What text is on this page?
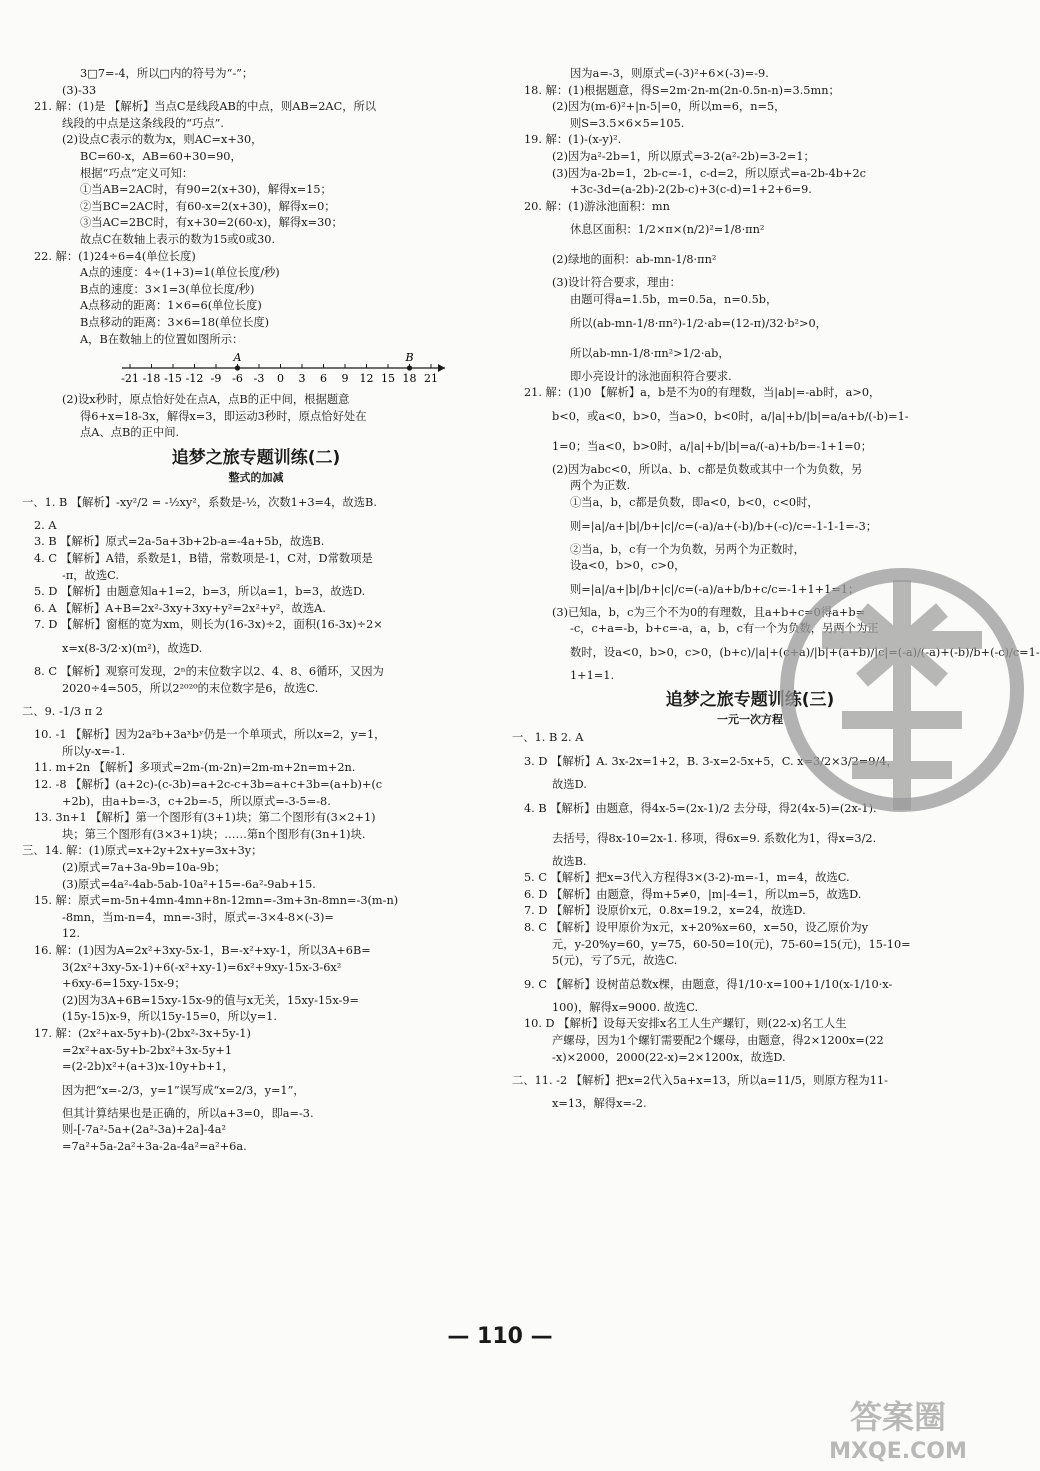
3□7=-4，所以□内的符号为“-”；
(3)-33
21. 解：(1)是 【解析】当点C是线段AB的中点，则AB=2AC，所以
线段的中点是这条线段的“巧点”.
(2)设点C表示的数为x，则AC=x+30，
BC=60-x，AB=60+30=90，
根据“巧点”定义可知：
①当AB=2AC时，有90=2(x+30)，解得x=15；
②当BC=2AC时，有60-x=2(x+30)，解得x=0；
③当AC=2BC时，有x+30=2(60-x)，解得x=30；
故点C在数轴上表示的数为15或0或30.
22. 解：(1)24÷6=4(单位长度)
A点的速度：4÷(1+3)=1(单位长度/秒)
B点的速度：3×1=3(单位长度/秒)
A点移动的距离：1×6=6(单位长度)
B点移动的距离：3×6=18(单位长度)
A，B在数轴上的位置如图所示：
-21 -18 -15 -12 -9 -6 -3 0 3 6 9 12 15 18 21
A	B
(2)设x秒时，原点恰好处在点A，点B的正中间，根据题意
得6+x=18-3x，解得x=3，即运动3秒时，原点恰好处在
点A、点B的正中间.
追梦之旅专题训练(二)
整式的加减
一、1. B 【解析】-xy²/2 = -½xy²，系数是-½，次数1+3=4，故选B.
2. A
3. B 【解析】原式=2a-5a+3b+2b-a=-4a+5b，故选B.
4. C 【解析】A错，系数是1，B错，常数项是-1，C对，D常数项是
-π，故选C.
5. D 【解析】由题意知a+1=2，b=3，所以a=1，b=3，故选D.
6. A 【解析】A+B=2x²-3xy+3xy+y²=2x²+y²，故选A.
7. D 【解析】窗框的宽为xm，则长为(16-3x)÷2，面积(16-3x)÷2×
x=x(8-3/2·x)(m²)，故选D.
8. C 【解析】观察可发现，2ⁿ的末位数字以2、4、8、6循环，又因为
2020÷4=505，所以2²⁰²⁰的末位数字是6，故选C.
二、9. -1/3 π 2
10. -1 【解析】因为2a²b+3aˣbʸ仍是一个单项式，所以x=2，y=1，
所以y-x=-1.
11. m+2n 【解析】多项式=2m-(m-2n)=2m-m+2n=m+2n.
12. -8 【解析】(a+2c)-(c-3b)=a+2c-c+3b=a+c+3b=(a+b)+(c
+2b)，由a+b=-3，c+2b=-5，所以原式=-3-5=-8.
13. 3n+1 【解析】第一个图形有(3+1)块；第二个图形有(3×2+1)
块；第三个图形有(3×3+1)块；……第n个图形有(3n+1)块.
三、14. 解：(1)原式=x+2y+2x+y=3x+3y；
(2)原式=7a+3a-9b=10a-9b；
(3)原式=4a²-4ab-5ab-10a²+15=-6a²-9ab+15.
15. 解：原式=m-5n+4mn-4mn+8n-12mn=-3m+3n-8mn=-3(m-n)
-8mn，当m-n=4，mn=-3时，原式=-3×4-8×(-3)=
12.
16. 解：(1)因为A=2x²+3xy-5x-1，B=-x²+xy-1，所以3A+6B=
3(2x²+3xy-5x-1)+6(-x²+xy-1)=6x²+9xy-15x-3-6x²
+6xy-6=15xy-15x-9；
(2)因为3A+6B=15xy-15x-9的值与x无关，15xy-15x-9=
(15y-15)x-9，所以15y-15=0，所以y=1.
17. 解：(2x²+ax-5y+b)-(2bx²-3x+5y-1)
=2x²+ax-5y+b-2bx²+3x-5y+1
=(2-2b)x²+(a+3)x-10y+b+1，
因为把“x=-2/3，y=1”误写成“x=2/3，y=1”，
但其计算结果也是正确的，所以a+3=0，即a=-3.
则-[-7a²-5a+(2a²-3a)+2a]-4a²
=7a²+5a-2a²+3a-2a-4a²=a²+6a.
因为a=-3，则原式=(-3)²+6×(-3)=-9.
18. 解：(1)根据题意，得S=2m·2n-m(2n-0.5n-n)=3.5mn；
(2)因为(m-6)²+|n-5|=0，所以m=6，n=5，
则S=3.5×6×5=105.
19. 解：(1)-(x-y)².
(2)因为a²-2b=1，所以原式=3-2(a²-2b)=3-2=1；
(3)因为a-2b=1，2b-c=-1，c-d=2，所以原式=a-2b-4b+2c
+3c-3d=(a-2b)-2(2b-c)+3(c-d)=1+2+6=9.
20. 解：(1)游泳池面积：mn
休息区面积：1/2×π×(n/2)²=1/8·πn²
(2)绿地的面积：ab-mn-1/8·πn²
(3)设计符合要求，理由：
由题可得a=1.5b，m=0.5a，n=0.5b，
所以(ab-mn-1/8·πn²)-1/2·ab=(12-π)/32·b²>0，
所以ab-mn-1/8·πn²>1/2·ab，
即小亮设计的泳池面积符合要求.
21. 解：(1)0 【解析】a，b是不为0的有理数，当|ab|=-ab时，a>0，
b<0，或a<0，b>0，当a>0，b<0时，a/|a|+b/|b|=a/a+b/(-b)=1-
1=0；当a<0，b>0时，a/|a|+b/|b|=a/(-a)+b/b=-1+1=0；
(2)因为abc<0，所以a、b、c都是负数或其中一个为负数，另
两个为正数.
①当a，b，c都是负数，即a<0，b<0，c<0时，
则=|a|/a+|b|/b+|c|/c=(-a)/a+(-b)/b+(-c)/c=-1-1-1=-3；
②当a，b，c有一个为负数，另两个为正数时，
设a<0，b>0，c>0，
则=|a|/a+|b|/b+|c|/c=(-a)/a+b/b+c/c=-1+1+1=1；
(3)已知a，b，c为三个不为0的有理数，且a+b+c=0得a+b=
-c，c+a=-b，b+c=-a，a，b，c有一个为负数，另两个为正
数时，设a<0，b>0，c>0，(b+c)/|a|+(c+a)/|b|+(a+b)/|c|=(-a)/(-a)+(-b)/b+(-c)/c=1-
1+1=1.
追梦之旅专题训练(三)
一元一次方程
一、1. B 2. A
3. D 【解析】A. 3x-2x=1+2，B. 3-x=2-5x+5，C. x=3/2×3/2=9/4，
故选D.
4. B 【解析】由题意，得4x-5=(2x-1)/2 去分母，得2(4x-5)=(2x-1).
去括号，得8x-10=2x-1. 移项，得6x=9. 系数化为1，得x=3/2.
故选B.
5. C 【解析】把x=3代入方程得3×(3-2)-m=-1，m=4，故选C.
6. D 【解析】由题意，得m+5≠0，|m|-4=1，所以m=5，故选D.
7. D 【解析】设原价x元，0.8x=19.2，x=24，故选D.
8. C 【解析】设甲原价为x元，x+20%x=60，x=50，设乙原价为y
元，y-20%y=60，y=75，60-50=10(元)，75-60=15(元)，15-10=
5(元)，亏了5元，故选C.
9. C 【解析】设树苗总数x棵，由题意，得1/10·x=100+1/10(x-1/10·x-
100)，解得x=9000. 故选C.
10. D 【解析】设每天安排x名工人生产螺钉，则(22-x)名工人生
产螺母，因为1个螺钉需要配2个螺母，由题意，得2×1200x=(22
-x)×2000，2000(22-x)=2×1200x，故选D.
二、11. -2 【解析】把x=2代入5a+x=13，所以a=11/5，则原方程为11-
x=13，解得x=-2.
— 110 —
答案圈
MXQE.COM
